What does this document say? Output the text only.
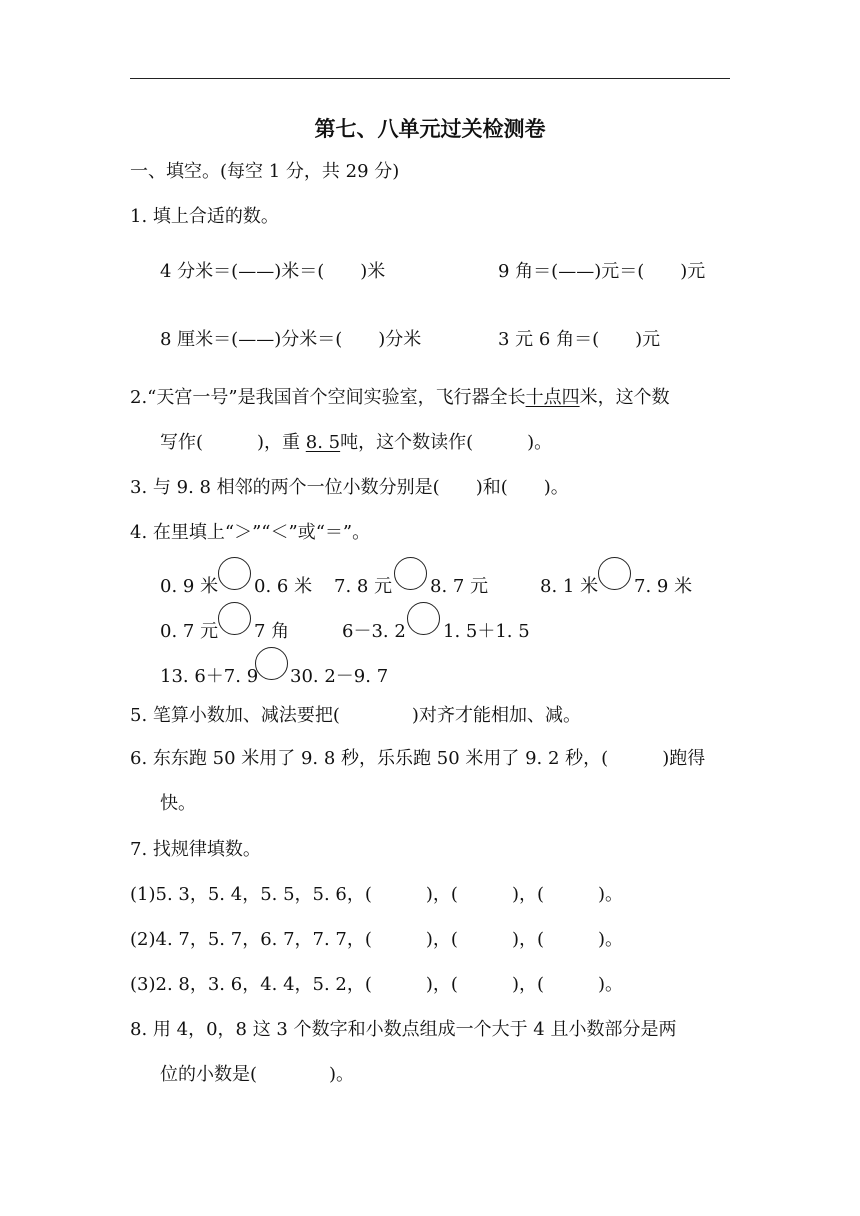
第七、八单元过关检测卷
一、填空。(每空 1 分，共 29 分)
1. 填上合适的数。
4 分米＝(——)米＝(　　)米	9 角＝(——)元＝(　　)元
8 厘米＝(——)分米＝(　　)分米	3 元 6 角＝(　　)元
2.“天宫一号”是我国首个空间实验室，飞行器全长十点四米，这个数
写作(　　　)，重 8. 5吨，这个数读作(　　　)。
3. 与 9. 8 相邻的两个一位小数分别是(　　)和(　　)。
4. 在里填上“＞”“＜”或“＝”。
0. 9 米 0. 6 米 7. 8 元 8. 7 元	8. 1 米 7. 9 米
0. 7 元 7 角	6－3. 2 1. 5＋1. 5
13. 6＋7. 9 30. 2－9. 7
5. 笔算小数加、减法要把(　　　　)对齐才能相加、减。
6. 东东跑 50 米用了 9. 8 秒，乐乐跑 50 米用了 9. 2 秒，(　　　)跑得
快。
7. 找规律填数。
(1)5. 3，5. 4，5. 5，5. 6，(　　　)，(　　　)，(　　　)。
(2)4. 7，5. 7，6. 7，7. 7，(　　　)，(　　　)，(　　　)。
(3)2. 8，3. 6，4. 4，5. 2，(　　　)，(　　　)，(　　　)。
8. 用 4，0，8 这 3 个数字和小数点组成一个大于 4 且小数部分是两
位的小数是(　　　　)。
